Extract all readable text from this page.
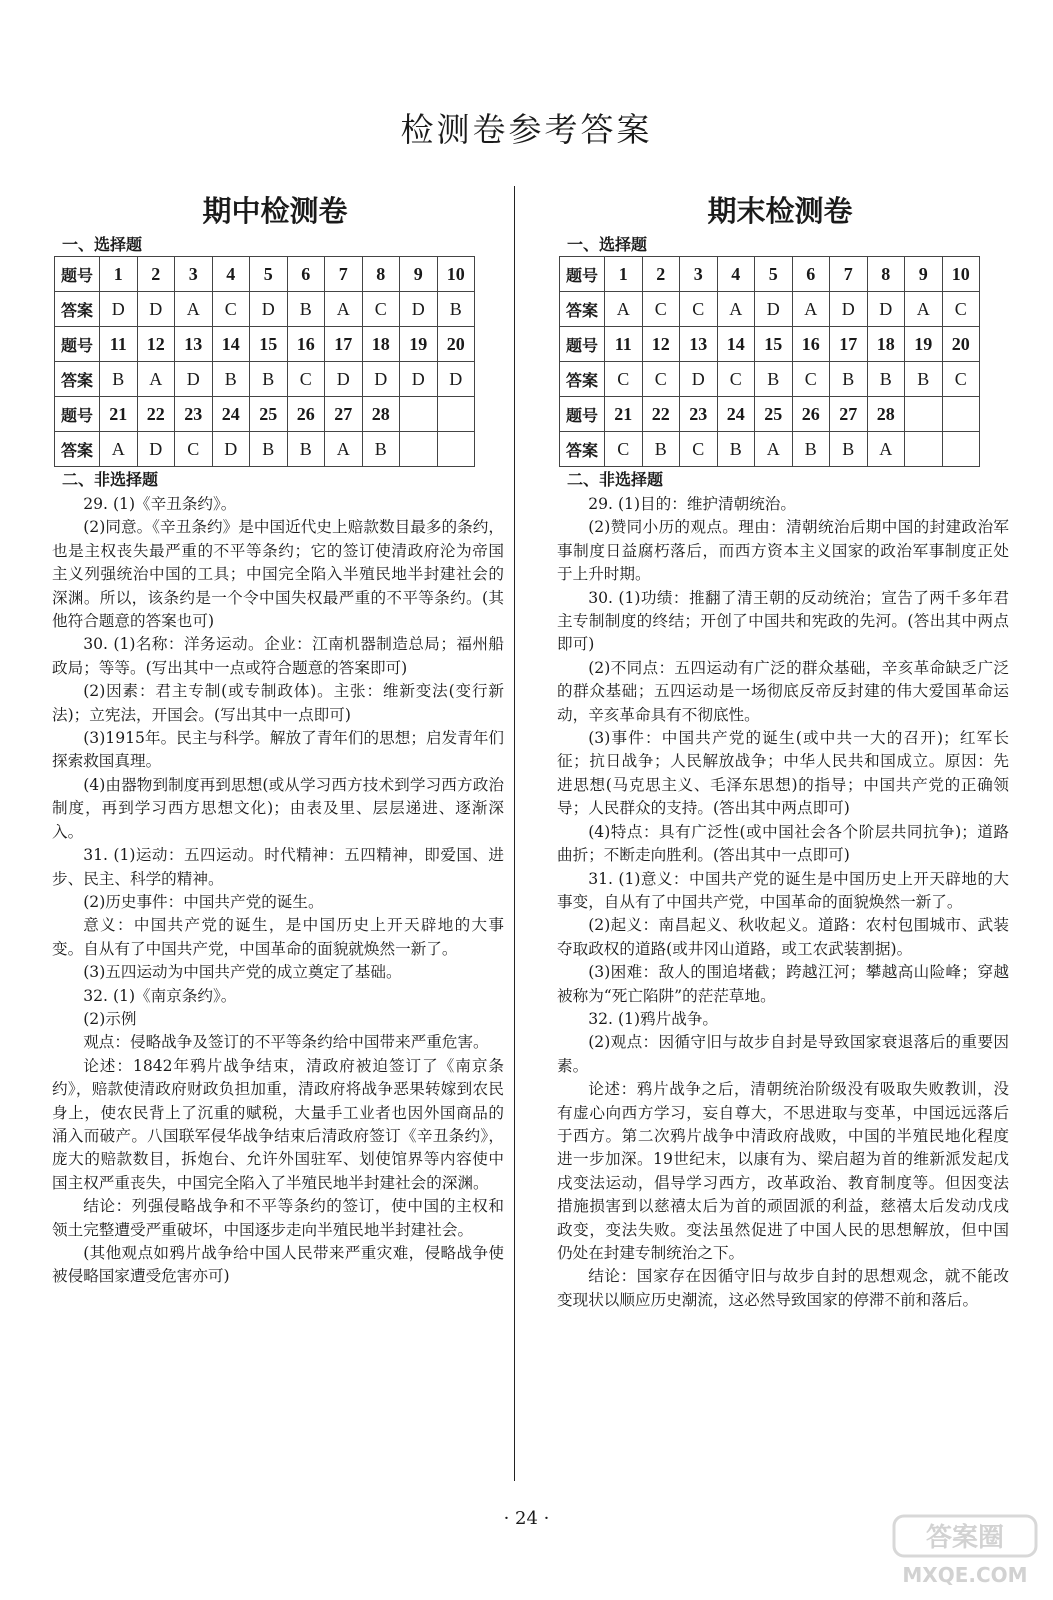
检测卷参考答案
期中检测卷
一、选择题
题号	1	2	3	4	5	6	7	8	9	10
答案	D	D	A	C	D	B	A	C	D	B
题号	11	12	13	14	15	16	17	18	19	20
答案	B	A	D	B	B	C	D	D	D	D
题号	21	22	23	24	25	26	27	28		
答案	A	D	C	D	B	B	A	B		
二、非选择题

29. (1)《辛丑条约》。

(2)同意。《辛丑条约》是中国近代史上赔款数目最多的条约，也是主权丧失最严重的不平等条约；它的签订使清政府沦为帝国主义列强统治中国的工具；中国完全陷入半殖民地半封建社会的深渊。所以，该条约是一个令中国失权最严重的不平等条约。(其他符合题意的答案也可)

30. (1)名称：洋务运动。企业：江南机器制造总局；福州船政局；等等。(写出其中一点或符合题意的答案即可)

(2)因素：君主专制(或专制政体)。主张：维新变法(变行新法)；立宪法，开国会。(写出其中一点即可)

(3)1915年。民主与科学。解放了青年们的思想；启发青年们探索救国真理。

(4)由器物到制度再到思想(或从学习西方技术到学习西方政治制度，再到学习西方思想文化)；由表及里、层层递进、逐渐深入。

31. (1)运动：五四运动。时代精神：五四精神，即爱国、进步、民主、科学的精神。

(2)历史事件：中国共产党的诞生。

意义：中国共产党的诞生，是中国历史上开天辟地的大事变。自从有了中国共产党，中国革命的面貌就焕然一新了。

(3)五四运动为中国共产党的成立奠定了基础。

32. (1)《南京条约》。

(2)示例

观点：侵略战争及签订的不平等条约给中国带来严重危害。

论述：1842年鸦片战争结束，清政府被迫签订了《南京条约》，赔款使清政府财政负担加重，清政府将战争恶果转嫁到农民身上，使农民背上了沉重的赋税，大量手工业者也因外国商品的涌入而破产。八国联军侵华战争结束后清政府签订《辛丑条约》，庞大的赔款数目，拆炮台、允许外国驻军、划使馆界等内容使中国主权严重丧失，中国完全陷入了半殖民地半封建社会的深渊。

结论：列强侵略战争和不平等条约的签订，使中国的主权和领土完整遭受严重破坏，中国逐步走向半殖民地半封建社会。

(其他观点如鸦片战争给中国人民带来严重灾难，侵略战争使被侵略国家遭受危害亦可)

期末检测卷
一、选择题
题号	1	2	3	4	5	6	7	8	9	10
答案	A	C	C	A	D	A	D	D	A	C
题号	11	12	13	14	15	16	17	18	19	20
答案	C	C	D	C	B	C	B	B	B	C
题号	21	22	23	24	25	26	27	28		
答案	C	B	C	B	A	B	B	A		
二、非选择题

29. (1)目的：维护清朝统治。

(2)赞同小历的观点。理由：清朝统治后期中国的封建政治军事制度日益腐朽落后，而西方资本主义国家的政治军事制度正处于上升时期。

30. (1)功绩：推翻了清王朝的反动统治；宣告了两千多年君主专制制度的终结；开创了中国共和宪政的先河。(答出其中两点即可)

(2)不同点：五四运动有广泛的群众基础，辛亥革命缺乏广泛的群众基础；五四运动是一场彻底反帝反封建的伟大爱国革命运动，辛亥革命具有不彻底性。

(3)事件：中国共产党的诞生(或中共一大的召开)；红军长征；抗日战争；人民解放战争；中华人民共和国成立。原因：先进思想(马克思主义、毛泽东思想)的指导；中国共产党的正确领导；人民群众的支持。(答出其中两点即可)

(4)特点：具有广泛性(或中国社会各个阶层共同抗争)；道路曲折；不断走向胜利。(答出其中一点即可)

31. (1)意义：中国共产党的诞生是中国历史上开天辟地的大事变，自从有了中国共产党，中国革命的面貌焕然一新了。

(2)起义：南昌起义、秋收起义。道路：农村包围城市、武装夺取政权的道路(或井冈山道路，或工农武装割据)。

(3)困难：敌人的围追堵截；跨越江河；攀越高山险峰；穿越被称为“死亡陷阱”的茫茫草地。

32. (1)鸦片战争。

(2)观点：因循守旧与故步自封是导致国家衰退落后的重要因素。

论述：鸦片战争之后，清朝统治阶级没有吸取失败教训，没有虚心向西方学习，妄自尊大，不思进取与变革，中国远远落后于西方。第二次鸦片战争中清政府战败，中国的半殖民地化程度进一步加深。19世纪末，以康有为、梁启超为首的维新派发起戊戌变法运动，倡导学习西方，改革政治、教育制度等。但因变法措施损害到以慈禧太后为首的顽固派的利益，慈禧太后发动戊戌政变，变法失败。变法虽然促进了中国人民的思想解放，但中国仍处在封建专制统治之下。

结论：国家存在因循守旧与故步自封的思想观念，就不能改变现状以顺应历史潮流，这必然导致国家的停滞不前和落后。

· 24 ·
答案圈
MXQE.COM
